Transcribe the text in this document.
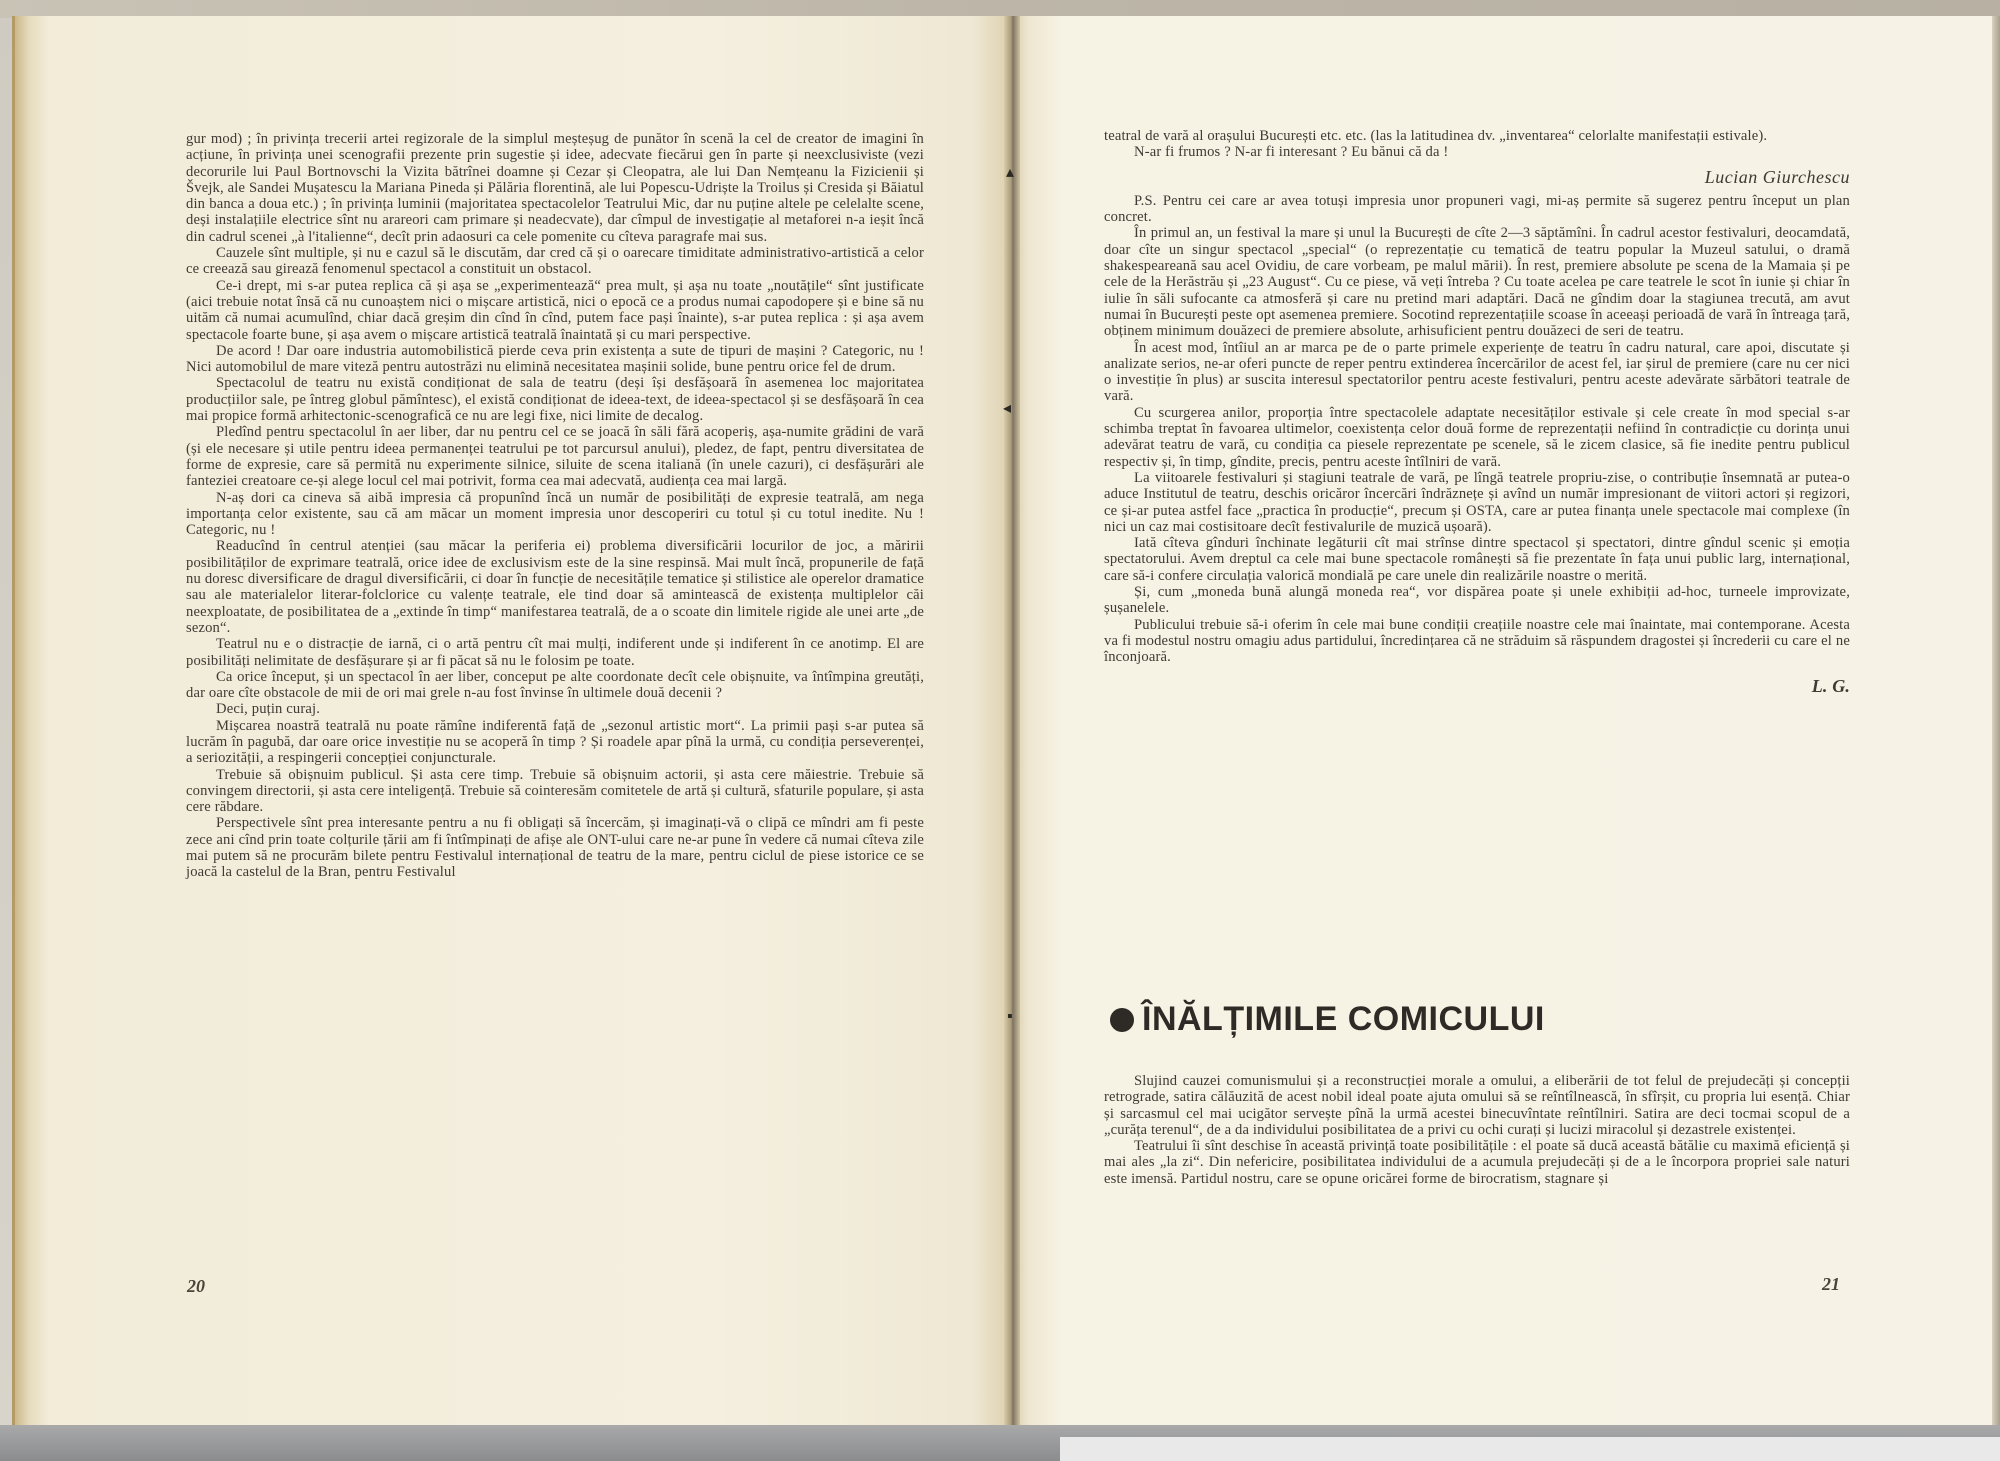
gur mod) ; în privința trecerii artei regizorale de la simplul meșteșug de punător în scenă la cel de creator de imagini în acțiune, în privința unei scenografii prezente prin sugestie și idee, adecvate fiecărui gen în parte și neexclusiviste (vezi decorurile lui Paul Bortnovschi la Vizita bătrînei doamne și Cezar și Cleopatra, ale lui Dan Nemțeanu la Fizicienii și Švejk, ale Sandei Mușatescu la Mariana Pineda și Pălăria florentină, ale lui Popescu-Udriște la Troilus și Cresida și Băiatul din banca a doua etc.) ; în privința luminii (majoritatea spectacolelor Teatrului Mic, dar nu puține altele pe celelalte scene, deși instalațiile electrice sînt nu arareori cam primare și neadecvate), dar cîmpul de investigație al metaforei n-a ieșit încă din cadrul scenei „à l'italienne“, decît prin adaosuri ca cele pomenite cu cîteva paragrafe mai sus.

Cauzele sînt multiple, și nu e cazul să le discutăm, dar cred că și o oarecare timiditate administrativo-artistică a celor ce creează sau girează fenomenul spectacol a constituit un obstacol.

Ce-i drept, mi s-ar putea replica că și așa se „experimentează“ prea mult, și așa nu toate „noutățile“ sînt justificate (aici trebuie notat însă că nu cunoaștem nici o mișcare artistică, nici o epocă ce a produs numai capodopere și e bine să nu uităm că numai acumulînd, chiar dacă greșim din cînd în cînd, putem face pași înainte), s-ar putea replica : și așa avem spectacole foarte bune, și așa avem o mișcare artistică teatrală înaintată și cu mari perspective.

De acord ! Dar oare industria automobilistică pierde ceva prin existența a sute de tipuri de mașini ? Categoric, nu ! Nici automobilul de mare viteză pentru autostrăzi nu elimină necesitatea mașinii solide, bune pentru orice fel de drum.

Spectacolul de teatru nu există condiționat de sala de teatru (deși își desfășoară în asemenea loc majoritatea producțiilor sale, pe întreg globul pămîntesc), el există condiționat de ideea-text, de ideea-spectacol și se desfășoară în cea mai propice formă arhitectonic-scenografică ce nu are legi fixe, nici limite de decalog.

Pledînd pentru spectacolul în aer liber, dar nu pentru cel ce se joacă în săli fără acoperiș, așa-numite grădini de vară (și ele necesare și utile pentru ideea permanenței teatrului pe tot parcursul anului), pledez, de fapt, pentru diversitatea de forme de expresie, care să permită nu experimente silnice, siluite de scena italiană (în unele cazuri), ci desfășurări ale fanteziei creatoare ce-și alege locul cel mai potrivit, forma cea mai adecvată, audiența cea mai largă.

N-aș dori ca cineva să aibă impresia că propunînd încă un număr de posibilități de expresie teatrală, am nega importanța celor existente, sau că am măcar un moment impresia unor descoperiri cu totul și cu totul inedite. Nu ! Categoric, nu !

Readucînd în centrul atenției (sau măcar la periferia ei) problema diversificării locurilor de joc, a măririi posibilităților de exprimare teatrală, orice idee de exclusivism este de la sine respinsă. Mai mult încă, propunerile de față nu doresc diversificare de dragul diversificării, ci doar în funcție de necesitățile tematice și stilistice ale operelor dramatice sau ale materialelor literar-folclorice cu valențe teatrale, ele tind doar să amintească de existența multiplelor căi neexploatate, de posibilitatea de a „extinde în timp“ manifestarea teatrală, de a o scoate din limitele rigide ale unei arte „de sezon“.

Teatrul nu e o distracție de iarnă, ci o artă pentru cît mai mulți, indiferent unde și indiferent în ce anotimp. El are posibilități nelimitate de desfășurare și ar fi păcat să nu le folosim pe toate.

Ca orice început, și un spectacol în aer liber, conceput pe alte coordonate decît cele obișnuite, va întîmpina greutăți, dar oare cîte obstacole de mii de ori mai grele n-au fost învinse în ultimele două decenii ?

Deci, puțin curaj.

Mișcarea noastră teatrală nu poate rămîne indiferentă față de „sezonul artistic mort“. La primii pași s-ar putea să lucrăm în pagubă, dar oare orice investiție nu se acoperă în timp ? Și roadele apar pînă la urmă, cu condiția perseverenței, a seriozității, a respingerii concepției conjuncturale.

Trebuie să obișnuim publicul. Și asta cere timp. Trebuie să obișnuim actorii, și asta cere măiestrie. Trebuie să convingem directorii, și asta cere inteligență. Trebuie să cointeresăm comitetele de artă și cultură, sfaturile populare, și asta cere răbdare.

Perspectivele sînt prea interesante pentru a nu fi obligați să încercăm, și imaginați-vă o clipă ce mîndri am fi peste zece ani cînd prin toate colțurile țării am fi întîmpinați de afișe ale ONT-ului care ne-ar pune în vedere că numai cîteva zile mai putem să ne procurăm bilete pentru Festivalul internațional de teatru de la mare, pentru ciclul de piese istorice ce se joacă la castelul de la Bran, pentru Festivalul

teatral de vară al orașului București etc. etc. (las la latitudinea dv. „inventarea“ celorlalte manifestații estivale).

N-ar fi frumos ? N-ar fi interesant ? Eu bănui că da !

Lucian Giurchescu

P.S. Pentru cei care ar avea totuși impresia unor propuneri vagi, mi-aș permite să sugerez pentru început un plan concret.

În primul an, un festival la mare și unul la București de cîte 2—3 săptămîni. În cadrul acestor festivaluri, deocamdată, doar cîte un singur spectacol „special“ (o reprezentație cu tematică de teatru popular la Muzeul satului, o dramă shakespeareană sau acel Ovidiu, de care vorbeam, pe malul mării). În rest, premiere absolute pe scena de la Mamaia și pe cele de la Herăstrău și „23 August“. Cu ce piese, vă veți întreba ? Cu toate acelea pe care teatrele le scot în iunie și chiar în iulie în săli sufocante ca atmosferă și care nu pretind mari adaptări. Dacă ne gîndim doar la stagiunea trecută, am avut numai în București peste opt asemenea premiere. Socotind reprezentațiile scoase în aceeași perioadă de vară în întreaga țară, obținem minimum douăzeci de premiere absolute, arhisuficient pentru douăzeci de seri de teatru.

În acest mod, întîiul an ar marca pe de o parte primele experiențe de teatru în cadru natural, care apoi, discutate și analizate serios, ne-ar oferi puncte de reper pentru extinderea încercărilor de acest fel, iar șirul de premiere (care nu cer nici o investiție în plus) ar suscita interesul spectatorilor pentru aceste festivaluri, pentru aceste adevărate sărbători teatrale de vară.

Cu scurgerea anilor, proporția între spectacolele adaptate necesităților estivale și cele create în mod special s-ar schimba treptat în favoarea ultimelor, coexistența celor două forme de reprezentații nefiind în contradicție cu dorința unui adevărat teatru de vară, cu condiția ca piesele reprezentate pe scenele, să le zicem clasice, să fie inedite pentru publicul respectiv și, în timp, gîndite, precis, pentru aceste întîlniri de vară.

La viitoarele festivaluri și stagiuni teatrale de vară, pe lîngă teatrele propriu-zise, o contribuție însemnată ar putea-o aduce Institutul de teatru, deschis oricăror încercări îndrăznețe și avînd un număr impresionant de viitori actori și regizori, ce și-ar putea astfel face „practica în producție“, precum și OSTA, care ar putea finanța unele spectacole mai complexe (în nici un caz mai costisitoare decît festivalurile de muzică ușoară).

Iată cîteva gînduri închinate legăturii cît mai strînse dintre spectacol și spectatori, dintre gîndul scenic și emoția spectatorului. Avem dreptul ca cele mai bune spectacole românești să fie prezentate în fața unui public larg, internațional, care să-i confere circulația valorică mondială pe care unele din realizările noastre o merită.

Și, cum „moneda bună alungă moneda rea“, vor dispărea poate și unele exhibiții ad-hoc, turneele improvizate, șușanelele.

Publicului trebuie să-i oferim în cele mai bune condiții creațiile noastre cele mai înaintate, mai contemporane. Acesta va fi modestul nostru omagiu adus partidului, încredințarea că ne străduim să răspundem dragostei și încrederii cu care el ne înconjoară.

L. G.
ÎNĂLȚIMILE COMICULUI

Slujind cauzei comunismului și a reconstrucției morale a omului, a eliberării de tot felul de prejudecăți și concepții retrograde, satira călăuzită de acest nobil ideal poate ajuta omului să se reîntîlnească, în sfîrșit, cu propria lui esență. Chiar și sarcasmul cel mai ucigător servește pînă la urmă acestei binecuvîntate reîntîlniri. Satira are deci tocmai scopul de a „curăța terenul“, de a da individului posibilitatea de a privi cu ochi curați și lucizi miracolul și dezastrele existenței.

Teatrului îi sînt deschise în această privință toate posibilitățile : el poate să ducă această bătălie cu maximă eficiență și mai ales „la zi“. Din nefericire, posibilitatea individului de a acumula prejudecăți și de a le încorpora propriei sale naturi este imensă. Partidul nostru, care se opune oricărei forme de birocratism, stagnare și

20	21
▴
◂
▪
